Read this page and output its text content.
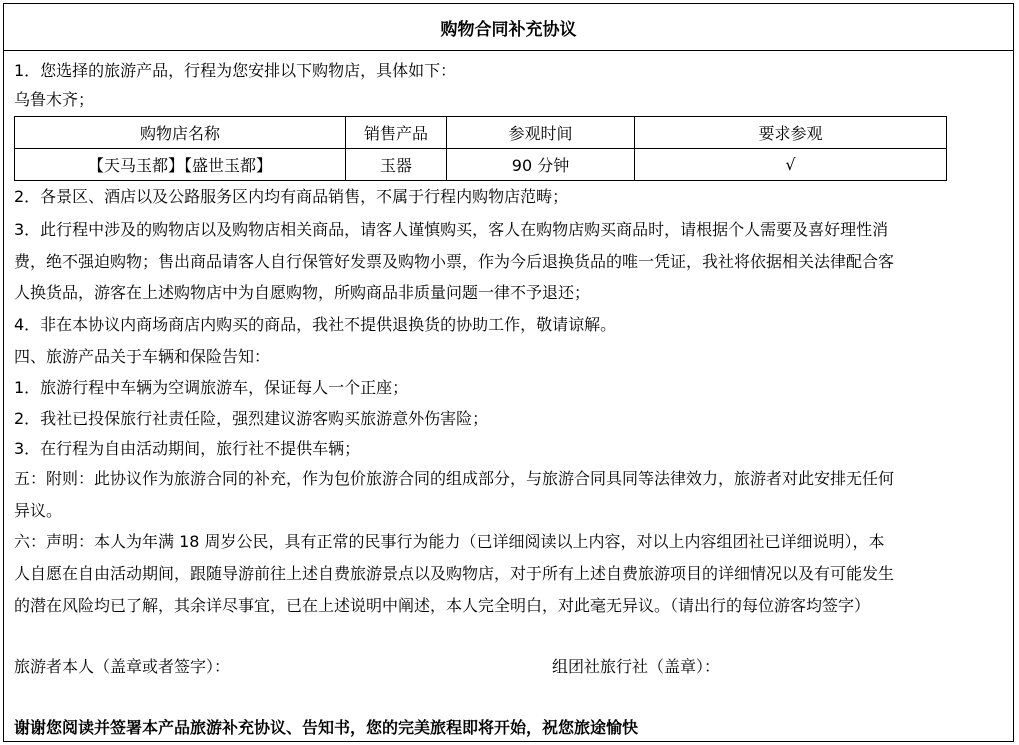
购物合同补充协议
1．您选择的旅游产品，行程为您安排以下购物店，具体如下：
乌鲁木齐；
购物店名称	销售产品	参观时间	要求参观
【天马玉都】【盛世玉都】	玉器	90 分钟	√
2．各景区、酒店以及公路服务区内均有商品销售，不属于行程内购物店范畴；
3．此行程中涉及的购物店以及购物店相关商品，请客人谨慎购买，客人在购物店购买商品时，请根据个人需要及喜好理性消
费，绝不强迫购物；售出商品请客人自行保管好发票及购物小票，作为今后退换货品的唯一凭证，我社将依据相关法律配合客
人换货品，游客在上述购物店中为自愿购物，所购商品非质量问题一律不予退还；
4．非在本协议内商场商店内购买的商品，我社不提供退换货的协助工作，敬请谅解。
四、旅游产品关于车辆和保险告知：
1．旅游行程中车辆为空调旅游车，保证每人一个正座；
2．我社已投保旅行社责任险，强烈建议游客购买旅游意外伤害险；
3．在行程为自由活动期间，旅行社不提供车辆；
五：附则：此协议作为旅游合同的补充，作为包价旅游合同的组成部分，与旅游合同具同等法律效力，旅游者对此安排无任何
异议。
六：声明：本人为年满 18 周岁公民，具有正常的民事行为能力（已详细阅读以上内容，对以上内容组团社已详细说明），本
人自愿在自由活动期间，跟随导游前往上述自费旅游景点以及购物店，对于所有上述自费旅游项目的详细情况以及有可能发生
的潜在风险均已了解，其余详尽事宜，已在上述说明中阐述，本人完全明白，对此毫无异议。（请出行的每位游客均签字）
旅游者本人（盖章或者签字）：	组团社旅行社（盖章）：
谢谢您阅读并签署本产品旅游补充协议、告知书，您的完美旅程即将开始，祝您旅途愉快
